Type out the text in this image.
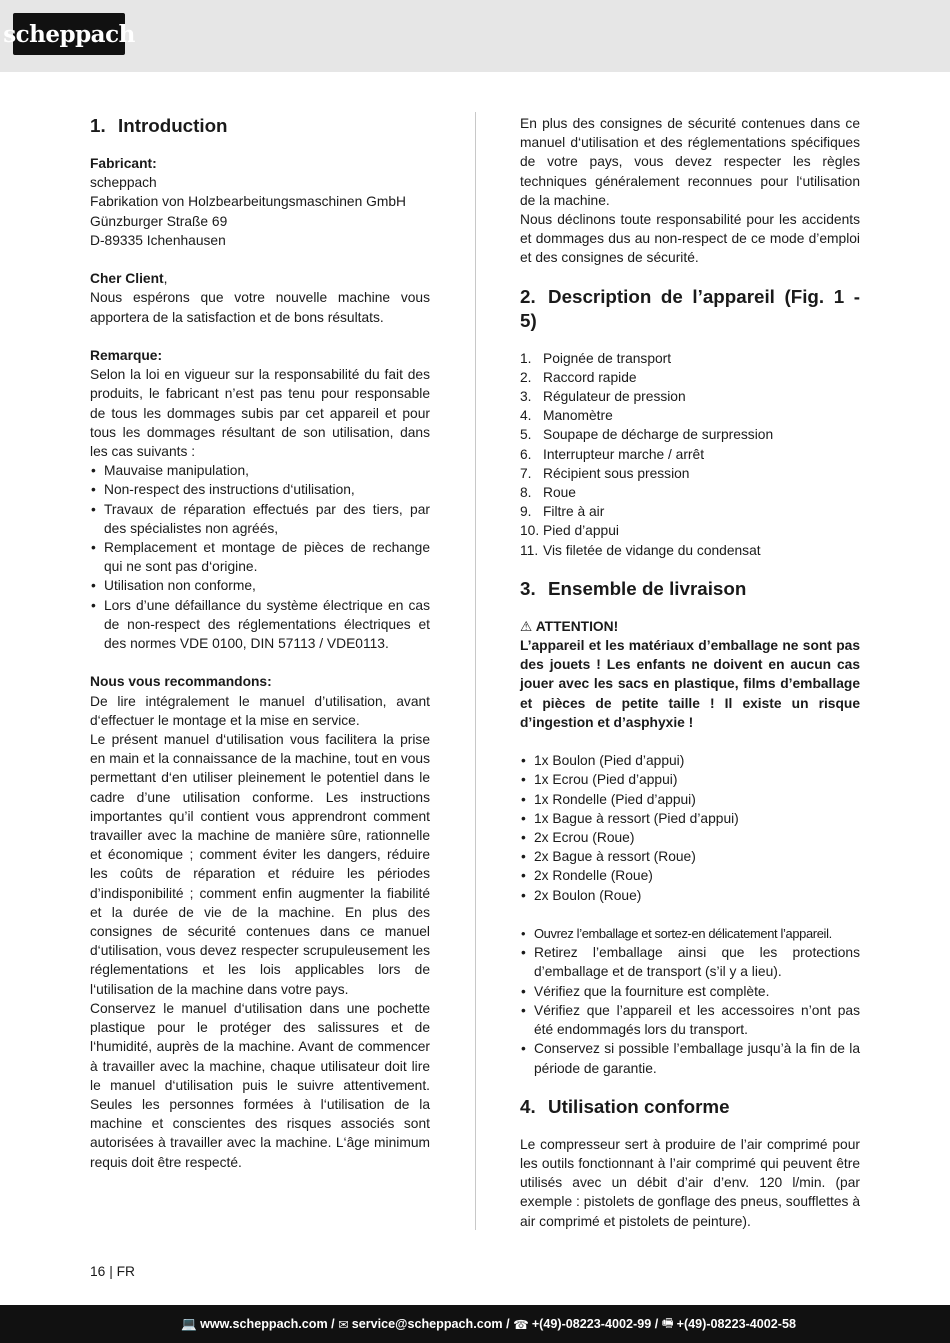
scheppach
1. Introduction

Fabricant:

scheppach

Fabrikation von Holzbearbeitungsmaschinen GmbH

Günzburger Straße 69

D-89335 Ichenhausen

Cher Client,

Nous espérons que votre nouvelle machine vous apportera de la satisfaction et de bons résultats.

Remarque:

Selon la loi en vigueur sur la responsabilité du fait des produits, le fabricant n’est pas tenu pour responsable de tous les dommages subis par cet appareil et pour tous les dommages résultant de son utilisation, dans les cas suivants :

• Mauvaise manipulation,
• Non-respect des instructions d‘utilisation,
• Travaux de réparation effectués par des tiers, par des spécialistes non agréés,
• Remplacement et montage de pièces de rechange qui ne sont pas d‘origine.
• Utilisation non conforme,
• Lors d’une défaillance du système électrique en cas de non-respect des réglementations électriques et des normes VDE 0100, DIN 57113 / VDE0113.

Nous vous recommandons:

De lire intégralement le manuel d’utilisation, avant d‘effectuer le montage et la mise en service.

Le présent manuel d‘utilisation vous facilitera la prise en main et la connaissance de la machine, tout en vous permettant d‘en utiliser pleinement le potentiel dans le cadre d’une utilisation conforme. Les instructions importantes qu’il contient vous apprendront comment travailler avec la machine de manière sûre, rationnelle et économique ; comment éviter les dangers, réduire les coûts de réparation et réduire les périodes d’indisponibilité ; comment enfin augmenter la fiabilité et la durée de vie de la machine. En plus des consignes de sécurité contenues dans ce manuel d‘utilisation, vous devez respecter scrupuleusement les réglementations et les lois applicables lors de l‘utilisation de la machine dans votre pays.

Conservez le manuel d‘utilisation dans une pochette plastique pour le protéger des salissures et de l‘humidité, auprès de la machine. Avant de commencer à travailler avec la machine, chaque utilisateur doit lire le manuel d‘utilisation puis le suivre attentivement. Seules les personnes formées à l‘utilisation de la machine et conscientes des risques associés sont autorisées à travailler avec la machine. L‘âge minimum requis doit être respecté.

En plus des consignes de sécurité contenues dans ce manuel d‘utilisation et des réglementations spécifiques de votre pays, vous devez respecter les règles techniques généralement reconnues pour l‘utilisation de la machine.

Nous déclinons toute responsabilité pour les accidents et dommages dus au non-respect de ce mode d’emploi et des consignes de sécurité.

2. Description de l’appareil (Fig. 1 - 5)
1. Poignée de transport
2. Raccord rapide
3. Régulateur de pression
4. Manomètre
5. Soupape de décharge de surpression
6. Interrupteur marche / arrêt
7. Récipient sous pression
8. Roue
9. Filtre à air
10. Pied d’appui
11. Vis filetée de vidange du condensat
3. Ensemble de livraison

⚠ ATTENTION!

L’appareil et les matériaux d’emballage ne sont pas des jouets ! Les enfants ne doivent en aucun cas jouer avec les sacs en plastique, films d’emballage et pièces de petite taille ! Il existe un risque d’ingestion et d’asphyxie !

• 1x Boulon (Pied d’appui)
• 1x Ecrou (Pied d’appui)
• 1x Rondelle (Pied d’appui)
• 1x Bague à ressort (Pied d’appui)
• 2x Ecrou (Roue)
• 2x Bague à ressort (Roue)
• 2x Rondelle (Roue)
• 2x Boulon (Roue)
• Ouvrez l’emballage et sortez-en délicatement l’appareil.
• Retirez l’emballage ainsi que les protections d’emballage et de transport (s’il y a lieu).
• Vérifiez que la fourniture est complète.
• Vérifiez que l’appareil et les accessoires n’ont pas été endommagés lors du transport.
• Conservez si possible l’emballage jusqu’à la fin de la période de garantie.
4. Utilisation conforme

Le compresseur sert à produire de l’air comprimé pour les outils fonctionnant à l’air comprimé qui peuvent être utilisés avec un débit d’air d’env. 120 l/min. (par exemple : pistolets de gonflage des pneus, soufflettes à air comprimé et pistolets de peinture).

16 | FR
💻 www.scheppach.com / ✉ service@scheppach.com / ☎ +(49)-08223-4002-99 / 🖷 +(49)-08223-4002-58
